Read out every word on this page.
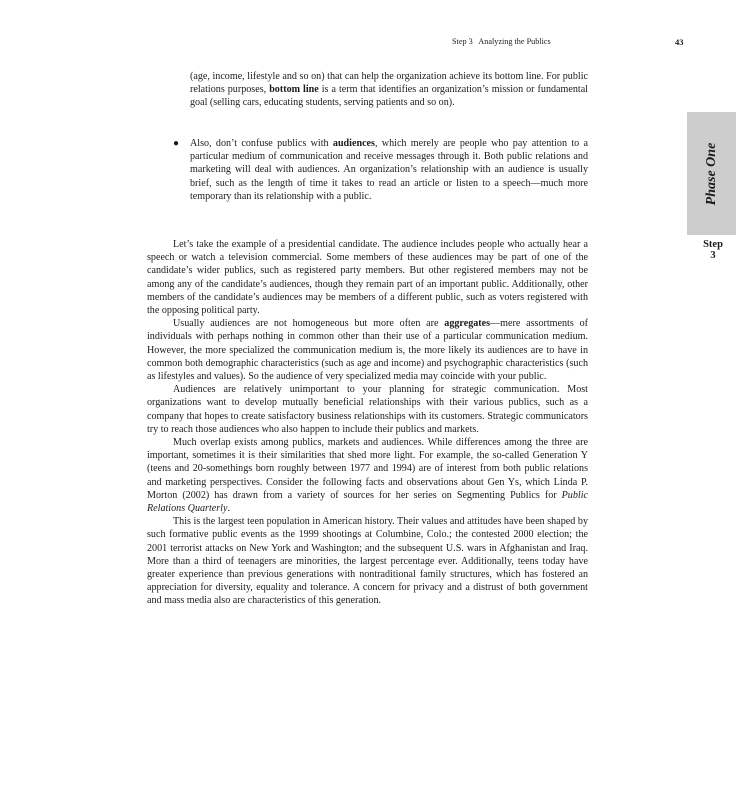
Step 3   Analyzing the Publics	43
Phase One
Step
3

(age, income, lifestyle and so on) that can help the organization achieve its bottom line. For public relations purposes, bottom line is a term that identifies an organization’s mission or fundamental goal (selling cars, educating students, serving patients and so on).

● Also, don’t confuse publics with audiences, which merely are people who pay attention to a particular medium of communication and receive messages through it. Both public relations and marketing will deal with audiences. An organization’s relationship with an audience is usually brief, such as the length of time it takes to read an article or listen to a speech—much more temporary than its relationship with a public.

Let’s take the example of a presidential candidate. The audience includes people who actually hear a speech or watch a television commercial. Some members of these audiences may be part of one of the candidate’s wider publics, such as registered party members. But other registered members may not be among any of the candidate’s audiences, though they remain part of an important public. Additionally, other members of the candidate’s audiences may be members of a different public, such as voters registered with the opposing political party.

Usually audiences are not homogeneous but more often are aggregates—mere assortments of individuals with perhaps nothing in common other than their use of a particular communication medium. However, the more specialized the communication medium is, the more likely its audiences are to have in common both demographic characteristics (such as age and income) and psychographic characteristics (such as lifestyles and values). So the audience of very specialized media may coincide with your public.

Audiences are relatively unimportant to your planning for strategic communication. Most organizations want to develop mutually beneficial relationships with their various publics, such as a company that hopes to create satisfactory business relationships with its customers. Strategic communicators try to reach those audiences who also happen to include their publics and markets.

Much overlap exists among publics, markets and audiences. While differences among the three are important, sometimes it is their similarities that shed more light. For example, the so-called Generation Y (teens and 20-somethings born roughly between 1977 and 1994) are of interest from both public relations and marketing perspectives. Consider the following facts and observations about Gen Ys, which Linda P. Morton (2002) has drawn from a variety of sources for her series on Segmenting Publics for Public Relations Quarterly.

This is the largest teen population in American history. Their values and attitudes have been shaped by such formative public events as the 1999 shootings at Columbine, Colo.; the contested 2000 election; the 2001 terrorist attacks on New York and Washington; and the subsequent U.S. wars in Afghanistan and Iraq. More than a third of teenagers are minorities, the largest percentage ever. Additionally, teens today have greater experience than previous generations with nontraditional family structures, which has fostered an appreciation for diversity, equality and tolerance. A concern for privacy and a distrust of both government and mass media also are characteristics of this generation.
